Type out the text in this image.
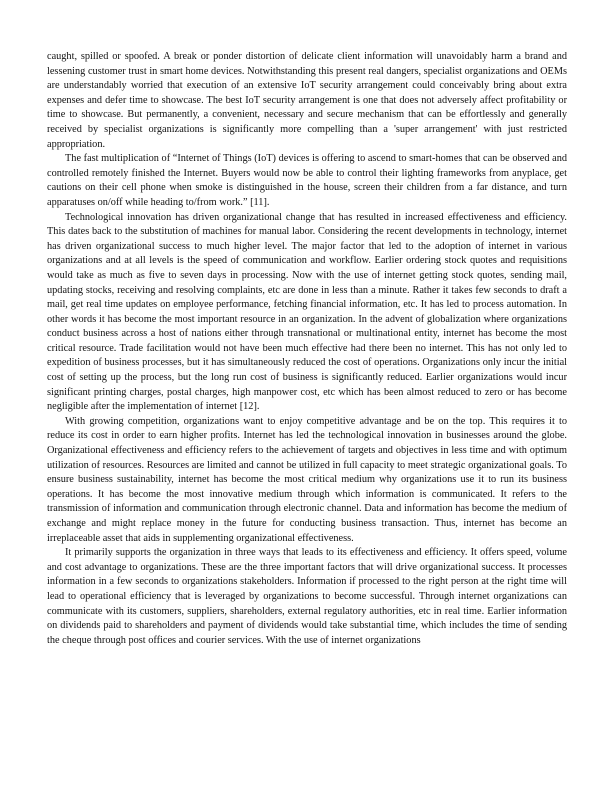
caught, spilled or spoofed. A break or ponder distortion of delicate client information will unavoidably harm a brand and lessening customer trust in smart home devices. Notwithstanding this present real dangers, specialist organizations and OEMs are understandably worried that execution of an extensive IoT security arrangement could conceivably bring about extra expenses and defer time to showcase. The best IoT security arrangement is one that does not adversely affect profitability or time to showcase. But permanently, a convenient, necessary and secure mechanism that can be effortlessly and generally received by specialist organizations is significantly more compelling than a 'super arrangement' with just restricted appropriation.

The fast multiplication of “Internet of Things (IoT) devices is offering to ascend to smart-homes that can be observed and controlled remotely finished the Internet. Buyers would now be able to control their lighting frameworks from anyplace, get cautions on their cell phone when smoke is distinguished in the house, screen their children from a far distance, and turn apparatuses on/off while heading to/from work.” [11].

Technological innovation has driven organizational change that has resulted in increased effectiveness and efficiency. This dates back to the substitution of machines for manual labor. Considering the recent developments in technology, internet has driven organizational success to much higher level. The major factor that led to the adoption of internet in various organizations and at all levels is the speed of communication and workflow. Earlier ordering stock quotes and requisitions would take as much as five to seven days in processing. Now with the use of internet getting stock quotes, sending mail, updating stocks, receiving and resolving complaints, etc are done in less than a minute. Rather it takes few seconds to draft a mail, get real time updates on employee performance, fetching financial information, etc. It has led to process automation. In other words it has become the most important resource in an organization. In the advent of globalization where organizations conduct business across a host of nations either through transnational or multinational entity, internet has become the most critical resource. Trade facilitation would not have been much effective had there been no internet. This has not only led to expedition of business processes, but it has simultaneously reduced the cost of operations. Organizations only incur the initial cost of setting up the process, but the long run cost of business is significantly reduced. Earlier organizations would incur significant printing charges, postal charges, high manpower cost, etc which has been almost reduced to zero or has become negligible after the implementation of internet [12].

With growing competition, organizations want to enjoy competitive advantage and be on the top. This requires it to reduce its cost in order to earn higher profits. Internet has led the technological innovation in businesses around the globe. Organizational effectiveness and efficiency refers to the achievement of targets and objectives in less time and with optimum utilization of resources. Resources are limited and cannot be utilized in full capacity to meet strategic organizational goals. To ensure business sustainability, internet has become the most critical medium why organizations use it to run its business operations. It has become the most innovative medium through which information is communicated. It refers to the transmission of information and communication through electronic channel. Data and information has become the medium of exchange and might replace money in the future for conducting business transaction. Thus, internet has become an irreplaceable asset that aids in supplementing organizational effectiveness.

It primarily supports the organization in three ways that leads to its effectiveness and efficiency. It offers speed, volume and cost advantage to organizations. These are the three important factors that will drive organizational success. It processes information in a few seconds to organizations stakeholders. Information if processed to the right person at the right time will lead to operational efficiency that is leveraged by organizations to become successful. Through internet organizations can communicate with its customers, suppliers, shareholders, external regulatory authorities, etc in real time. Earlier information on dividends paid to shareholders and payment of dividends would take substantial time, which includes the time of sending the cheque through post offices and courier services. With the use of internet organizations
